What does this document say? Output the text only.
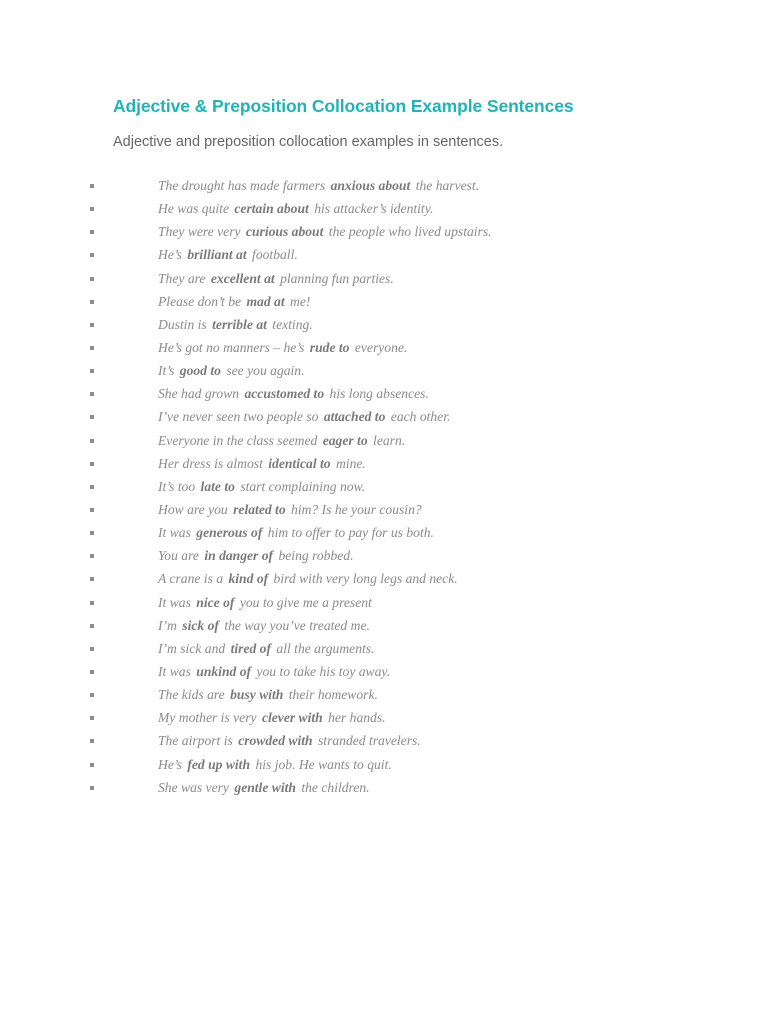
Adjective & Preposition Collocation Example Sentences

Adjective and preposition collocation examples in sentences.

The drought has made farmers anxious about the harvest.
He was quite certain about his attacker’s identity.
They were very curious about the people who lived upstairs.
He’s brilliant at football.
They are excellent at planning fun parties.
Please don’t be mad at me!
Dustin is terrible at texting.
He’s got no manners – he’s rude to everyone.
It’s good to see you again.
She had grown accustomed to his long absences.
I’ve never seen two people so attached to each other.
Everyone in the class seemed eager to learn.
Her dress is almost identical to mine.
It’s too late to start complaining now.
How are you related to him? Is he your cousin?
It was generous of him to offer to pay for us both.
You are in danger of being robbed.
A crane is a kind of bird with very long legs and neck.
It was nice of you to give me a present
I’m sick of the way you’ve treated me.
I’m sick and tired of all the arguments.
It was unkind of you to take his toy away.
The kids are busy with their homework.
My mother is very clever with her hands.
The airport is crowded with stranded travelers.
He’s fed up with his job. He wants to quit.
She was very gentle with the children.
